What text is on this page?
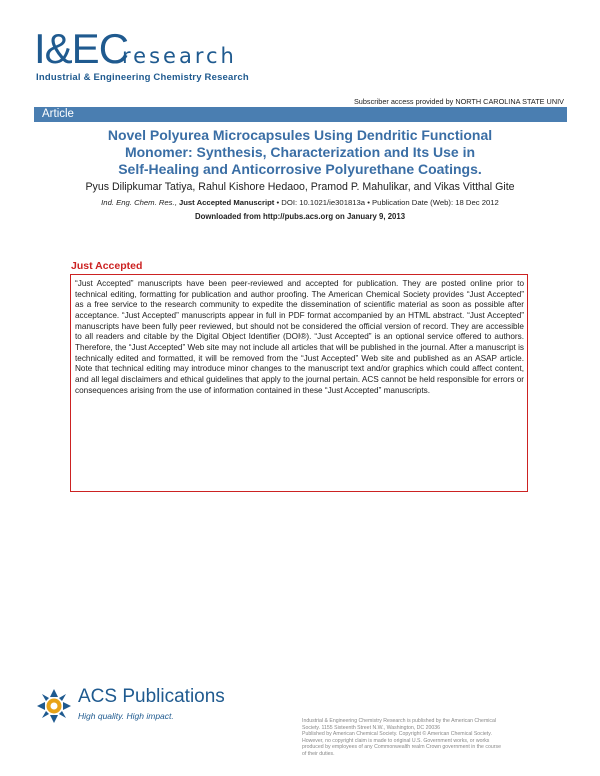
I&EC
research
Industrial & Engineering Chemistry Research
Subscriber access provided by NORTH CAROLINA STATE UNIV
Article
Novel Polyurea Microcapsules Using Dendritic Functional
Monomer: Synthesis, Characterization and Its Use in
Self-Healing and Anticorrosive Polyurethane Coatings.
Pyus Dilipkumar Tatiya, Rahul Kishore Hedaoo, Pramod P. Mahulikar, and Vikas Vitthal Gite
Ind. Eng. Chem. Res., Just Accepted Manuscript • DOI: 10.1021/ie301813a • Publication Date (Web): 18 Dec 2012
Downloaded from http://pubs.acs.org on January 9, 2013
Just Accepted
“Just Accepted” manuscripts have been peer-reviewed and accepted for publication. They are posted online prior to technical editing, formatting for publication and author proofing. The American Chemical Society provides “Just Accepted” as a free service to the research community to expedite the dissemination of scientific material as soon as possible after acceptance. “Just Accepted” manuscripts appear in full in PDF format accompanied by an HTML abstract. “Just Accepted” manuscripts have been fully peer reviewed, but should not be considered the official version of record. They are accessible to all readers and citable by the Digital Object Identifier (DOI®). “Just Accepted” is an optional service offered to authors. Therefore, the “Just Accepted” Web site may not include all articles that will be published in the journal. After a manuscript is technically edited and formatted, it will be removed from the “Just Accepted” Web site and published as an ASAP article. Note that technical editing may introduce minor changes to the manuscript text and/or graphics which could affect content, and all legal disclaimers and ethical guidelines that apply to the journal pertain. ACS cannot be held responsible for errors or consequences arising from the use of information contained in these “Just Accepted” manuscripts.
ACS Publications
High quality. High impact.	Industrial & Engineering Chemistry Research is published by the American Chemical
Society. 1155 Sixteenth Street N.W., Washington, DC 20036
Published by American Chemical Society. Copyright © American Chemical Society.
However, no copyright claim is made to original U.S. Government works, or works
produced by employees of any Commonwealth realm Crown government in the course
of their duties.
